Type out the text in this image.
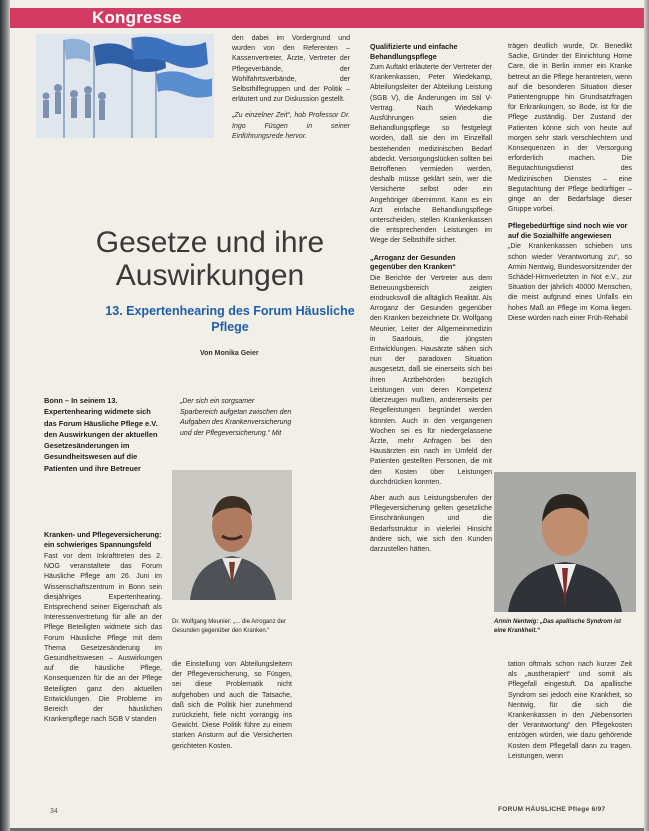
Kongresse
Gesetze und ihre
Auswirkungen
13. Expertenhearing des Forum Häusliche Pflege
Von Monika Geier
Bonn – In seinem 13. Expertenhearing widmete sich das Forum Häusliche Pflege e.V. den Auswirkungen der aktuellen Gesetzesänderungen im Gesundheitswesen auf die Patienten und ihre Betreuer
„Der sich ein sorgsamer Sparbereich aufgetan zwischen den Aufgaben des Krankenversicherung und der Pflegeversicherung.“ Mit

den dabei im Vordergrund und wurden von den Referenten – Kassenvertreter, Ärzte, Vertreter der Pflegeverbände, der Wohlfahrtsverbände, der Selbsthilfegruppen und der Politik – erläutert und zur Diskussion gestellt.

„Zu einzelner Zeit“, hob Professor Dr. Ingo Füsgen in seiner Einführungsrede hervor.

Kranken- und Pflegeversicherung: ein schwieriges Spannungsfeld

Fast vor dem Inkrafttreten des 2. NOG veranstaltete das Forum Häusliche Pflege am 26. Juni im Wissenschaftszentrum in Bonn sein diesjähriges Expertenhearing. Entsprechend seiner Eigenschaft als Interessenvertretung für alle an der Pflege Beteiligten widmete sich das Forum Häusliche Pflege mit dem Thema Gesetzesänderung im Gesundheitswesen – Auswirkungen auf die häusliche Pflege, Konsequenzen für die an der Pflege Beteiligten ganz den aktuellen Entwicklungen. Die Probleme im Bereich der häuslichen Krankenpflege nach SGB V standen

Dr. Wolfgang Meunier: „... die Arroganz der Gesunden gegenüber den Kranken.“

die Einstellung von Abteilungsleitern der Pflegeversicherung, so Füsgen, sei diese Problematik nicht aufgehoben und auch die Tatsache, daß sich die Politik hier zunehmend zurückzieht, fiele nicht vorrangig ins Gewicht. Diese Politik führe zu einem starken Ansturm auf die Versicherten gerichteten Kosten.

Qualifizierte und einfache Behandlungspflege

Zum Auftakt erläuterte der Vertreter der Krankenkassen, Peter Wiedekamp, Abteilungsleiter der Abteilung Leistung (SGB V), die Änderungen im Stil V-Vertrag. Nach Wiedekamp Ausführungen seien die Behandlungspflege so festgelegt worden, daß sie den im Einzelfall bestehenden medizinischen Bedarf abdeckt. Versorgungslücken sollten bei Betroffenen vermieden werden, deshalb müsse geklärt sein, wer die Versicherte selbst oder ein Angehöriger übernimmt. Kann es ein Arzt einfache Behandlungspflege unterscheiden, stellen Krankenkassen die entsprechenden Leistungen im Wege der Selbsthilfe sicher.

„Arroganz der Gesunden gegenüber den Kranken“

Die Berichte der Vertreter aus dem Betreuungsbereich zeigten eindrucksvoll die alltäglich Realität. Als Arroganz der Gesunden gegenüber den Kranken bezeichnete Dr. Wolfgang Meunier, Leiter der Allgemeinmedizin in Saarlouis, die jüngsten Entwicklungen. Hausärzte sähen sich nun der paradoxen Situation ausgesetzt, daß sie einerseits sich bei ihren Arztbehörden bezüglich Leistungen von deren Kompetenz überzeugen mußten, andererseits per Regelleistungen begründet werden könnten. Auch in den vergangenen Wochen sei es für niedergelassene Ärzte, mehr Anfragen bei den Hausärzten ein nach im Umfeld der Patienten gestellten Personen, die mit den Kosten über Leistungen durchdrücken konnten.

Aber auch aus Leistungsberufen der Pflegeversicherung gelten gesetzliche Einschränkungen und die Bedarfsstruktur in vielerlei Hinsicht ändere sich, wie sich den Kunden darzustellen hätten.

trägen deutlich wurde, Dr. Benedikt Sacke, Gründer der Einrichtung Home Care, die in Berlin immer ein Kranke betreut an die Pflege herantreten, wenn auf die besonderen Situation dieser Patientengruppe hin Grundsatzfragen für Erkrankungen, so Bode, ist für die Pflege zuständig. Der Zustand der Patienten könne sich von heute auf morgen sehr stark verschlechtern und Konsequenzen in der Versorgung erforderlich machen. Die Begutachtungsdienst des Medizinischen Dienstes – eine Begutachtung der Pflege bedürftiger – ginge an der Bedarfslage dieser Gruppe vorbei.

Pflegebedürftige sind noch wie vor auf die Sozialhilfe angewiesen

„Die Krankenkassen schieben uns schon wieder Verantwortung zu“, so Armin Nentwig, Bundesvorsitzender der Schädel-Hirnverletzten in Not e.V., zur Situation der jährlich 40000 Menschen, die meist aufgrund eines Unfalls ein hohes Maß an Pflege im Koma liegen. Diese würden nach einer Früh-Rehabil

Armin Nentwig: „Das apallische Syndrom ist eine Krankheit.“

tation oftmals schon nach kurzer Zeit als „austherapiert“ und somit als Pflegefall eingestuft. Da apallische Syndrom sei jedoch eine Krankheit, so Nentwig, für die sich die Krankenkassen in den „Nebensorten der Verantwortung“ den Pflegekosten entzögen würden, wie dazu gehörende Kosten dem Pflegefall dann zu tragen. Leistungen, wenn

34	FORUM HÄUSLICHE Pflege 6/97
